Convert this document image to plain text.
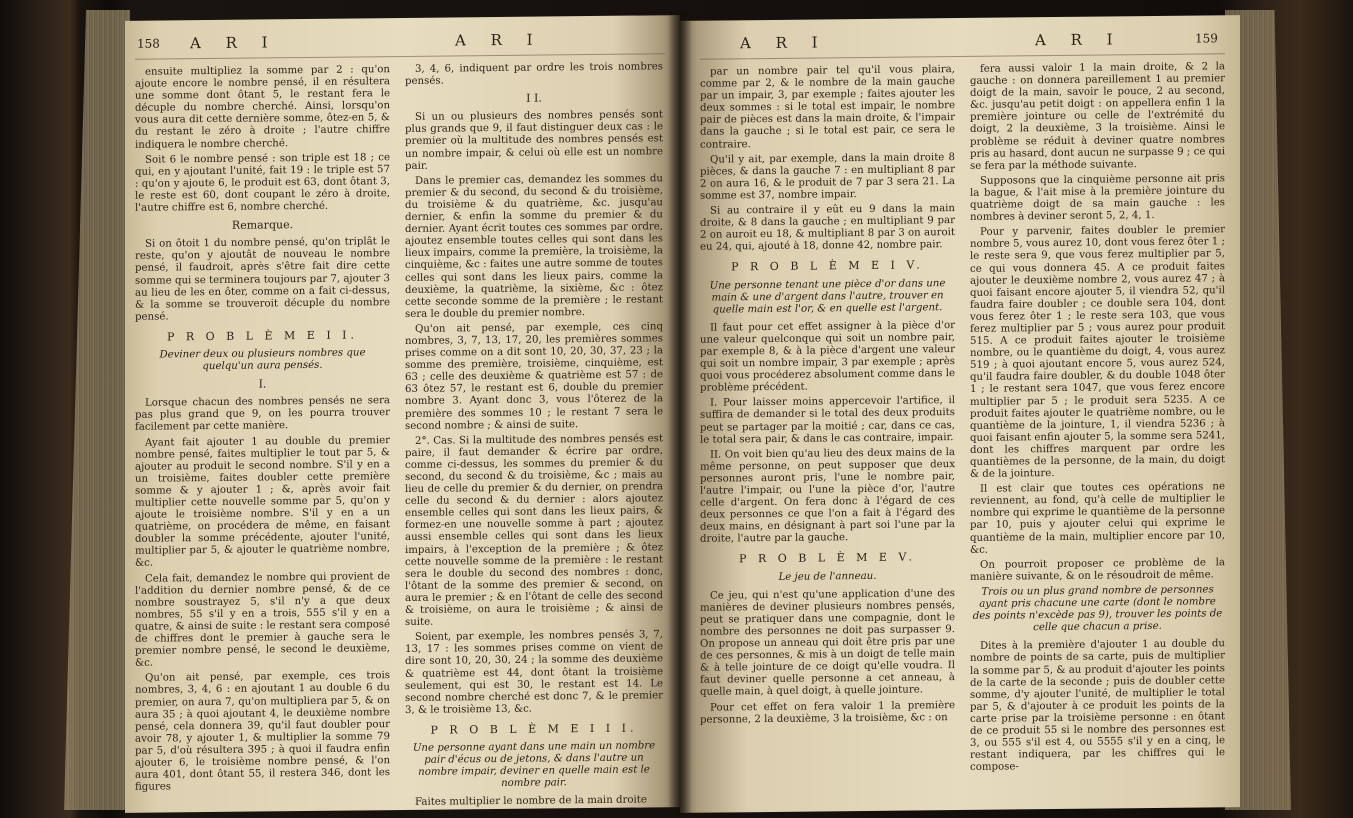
158 A R I	A R I

ensuite multipliez la somme par 2 : qu'on ajoute encore le nombre pensé, il en résultera une somme dont ôtant 5, le restant fera le décuple du nombre cherché. Ainsi, lorsqu'on vous aura dit cette dernière somme, ôtez-en 5, & du restant le zéro à droite ; l'autre chiffre indiquera le nombre cherché.

Soit 6 le nombre pensé : son triple est 18 ; ce qui, en y ajoutant l'unité, fait 19 : le triple est 57 : qu'on y ajoute 6, le produit est 63, dont ôtant 3, le reste est 60, dont coupant le zéro à droite, l'autre chiffre est 6, nombre cherché.

Remarque.

Si on ôtoit 1 du nombre pensé, qu'on triplât le reste, qu'on y ajoutât de nouveau le nombre pensé, il faudroit, après s'être fait dire cette somme qui se terminera toujours par 7, ajouter 3 au lieu de les en ôter, comme on a fait ci-dessus, & la somme se trouveroit décuple du nombre pensé.

P R O B L È M E I I.

Deviner deux ou plusieurs nombres que quelqu'un aura pensés.

I.

Lorsque chacun des nombres pensés ne sera pas plus grand que 9, on les pourra trouver facilement par cette manière.

Ayant fait ajouter 1 au double du premier nombre pensé, faites multiplier le tout par 5, & ajouter au produit le second nombre. S'il y en a un troisième, faites doubler cette première somme & y ajouter 1 ; &, après avoir fait multiplier cette nouvelle somme par 5, qu'on y ajoute le troisième nombre. S'il y en a un quatrième, on procédera de même, en faisant doubler la somme précédente, ajouter l'unité, multiplier par 5, & ajouter le quatrième nombre, &c.

Cela fait, demandez le nombre qui provient de l'addition du dernier nombre pensé, & de ce nombre soustrayez 5, s'il n'y a que deux nombres, 55 s'il y en a trois, 555 s'il y en a quatre, & ainsi de suite : le restant sera composé de chiffres dont le premier à gauche sera le premier nombre pensé, le second le deuxième, &c.

Qu'on ait pensé, par exemple, ces trois nombres, 3, 4, 6 : en ajoutant 1 au double 6 du premier, on aura 7, qu'on multipliera par 5, & on aura 35 ; à quoi ajoutant 4, le deuxième nombre pensé, cela donnera 39, qu'il faut doubler pour avoir 78, y ajouter 1, & multiplier la somme 79 par 5, d'où résultera 395 ; à quoi il faudra enfin ajouter 6, le troisième nombre pensé, & l'on aura 401, dont ôtant 55, il restera 346, dont les figures

3, 4, 6, indiquent par ordre les trois nombres pensés.

I I.

Si un ou plusieurs des nombres pensés sont plus grands que 9, il faut distinguer deux cas : le premier où la multitude des nombres pensés est un nombre impair, & celui où elle est un nombre pair.

Dans le premier cas, demandez les sommes du premier & du second, du second & du troisième, du troisième & du quatrième, &c. jusqu'au dernier, & enfin la somme du premier & du dernier. Ayant écrit toutes ces sommes par ordre, ajoutez ensemble toutes celles qui sont dans les lieux impairs, comme la première, la troisième, la cinquième, &c : faites une autre somme de toutes celles qui sont dans les lieux pairs, comme la deuxième, la quatrième, la sixième, &c : ôtez cette seconde somme de la première ; le restant sera le double du premier nombre.

Qu'on ait pensé, par exemple, ces cinq nombres, 3, 7, 13, 17, 20, les premières sommes prises comme on a dit sont 10, 20, 30, 37, 23 ; la somme des première, troisième, cinquième, est 63 ; celle des deuxième & quatrième est 57 : de 63 ôtez 57, le restant est 6, double du premier nombre 3. Ayant donc 3, vous l'ôterez de la première des sommes 10 ; le restant 7 sera le second nombre ; & ainsi de suite.

2°. Cas. Si la multitude des nombres pensés est paire, il faut demander & écrire par ordre, comme ci-dessus, les sommes du premier & du second, du second & du troisième, &c ; mais au lieu de celle du premier & du dernier, on prendra celle du second & du dernier : alors ajoutez ensemble celles qui sont dans les lieux pairs, & formez-en une nouvelle somme à part ; ajoutez aussi ensemble celles qui sont dans les lieux impairs, à l'exception de la première ; & ôtez cette nouvelle somme de la première : le restant sera le double du second des nombres : donc, l'ôtant de la somme des premier & second, on aura le premier ; & en l'ôtant de celle des second & troisième, on aura le troisième ; & ainsi de suite.

Soient, par exemple, les nombres pensés 3, 7, 13, 17 : les sommes prises comme on vient de dire sont 10, 20, 30, 24 ; la somme des deuxième & quatrième est 44, dont ôtant la troisième seulement, qui est 30, le restant est 14. Le second nombre cherché est donc 7, & le premier 3, & le troisième 13, &c.

P R O B L È M E I I I.

Une personne ayant dans une main un nombre pair d'écus ou de jetons, & dans l'autre un nombre impair, deviner en quelle main est le nombre pair.

Faites multiplier le nombre de la main droite

A R I	A R I	159

par un nombre pair tel qu'il vous plaira, comme par 2, & le nombre de la main gauche par un impair, 3, par exemple ; faites ajouter les deux sommes : si le total est impair, le nombre pair de pièces est dans la main droite, & l'impair dans la gauche ; si le total est pair, ce sera le contraire.

Qu'il y ait, par exemple, dans la main droite 8 pièces, & dans la gauche 7 : en multipliant 8 par 2 on aura 16, & le produit de 7 par 3 sera 21. La somme est 37, nombre impair.

Si au contraire il y eût eu 9 dans la main droite, & 8 dans la gauche ; en multipliant 9 par 2 on auroit eu 18, & multipliant 8 par 3 on auroit eu 24, qui, ajouté à 18, donne 42, nombre pair.

P R O B L È M E I V.

Une personne tenant une pièce d'or dans une main & une d'argent dans l'autre, trouver en quelle main est l'or, & en quelle est l'argent.

Il faut pour cet effet assigner à la pièce d'or une valeur quelconque qui soit un nombre pair, par exemple 8, & à la pièce d'argent une valeur qui soit un nombre impair, 3 par exemple ; après quoi vous procéderez absolument comme dans le problème précédent.

I. Pour laisser moins appercevoir l'artifice, il suffira de demander si le total des deux produits peut se partager par la moitié ; car, dans ce cas, le total sera pair, & dans le cas contraire, impair.

II. On voit bien qu'au lieu des deux mains de la même personne, on peut supposer que deux personnes auront pris, l'une le nombre pair, l'autre l'impair, ou l'une la pièce d'or, l'autre celle d'argent. On fera donc à l'égard de ces deux personnes ce que l'on a fait à l'égard des deux mains, en désignant à part soi l'une par la droite, l'autre par la gauche.

P R O B L È M E V.

Le jeu de l'anneau.

Ce jeu, qui n'est qu'une application d'une des manières de deviner plusieurs nombres pensés, peut se pratiquer dans une compagnie, dont le nombre des personnes ne doit pas surpasser 9. On propose un anneau qui doit être pris par une de ces personnes, & mis à un doigt de telle main & à telle jointure de ce doigt qu'elle voudra. Il faut deviner quelle personne a cet anneau, à quelle main, à quel doigt, à quelle jointure.

Pour cet effet on fera valoir 1 la première personne, 2 la deuxième, 3 la troisième, &c : on

fera aussi valoir 1 la main droite, & 2 la gauche : on donnera pareillement 1 au premier doigt de la main, savoir le pouce, 2 au second, &c. jusqu'au petit doigt : on appellera enfin 1 la première jointure ou celle de l'extrémité du doigt, 2 la deuxième, 3 la troisième. Ainsi le problème se réduit à deviner quatre nombres pris au hasard, dont aucun ne surpasse 9 ; ce qui se fera par la méthode suivante.

Supposons que la cinquième personne ait pris la bague, & l'ait mise à la première jointure du quatrième doigt de sa main gauche : les nombres à deviner seront 5, 2, 4, 1.

Pour y parvenir, faites doubler le premier nombre 5, vous aurez 10, dont vous ferez ôter 1 ; le reste sera 9, que vous ferez multiplier par 5, ce qui vous donnera 45. A ce produit faites ajouter le deuxième nombre 2, vous aurez 47 ; à quoi faisant encore ajouter 5, il viendra 52, qu'il faudra faire doubler ; ce double sera 104, dont vous ferez ôter 1 ; le reste sera 103, que vous ferez multiplier par 5 ; vous aurez pour produit 515. A ce produit faites ajouter le troisième nombre, ou le quantième du doigt, 4, vous aurez 519 ; à quoi ajoutant encore 5, vous aurez 524, qu'il faudra faire doubler, & du double 1048 ôter 1 ; le restant sera 1047, que vous ferez encore multiplier par 5 ; le produit sera 5235. A ce produit faites ajouter le quatrième nombre, ou le quantième de la jointure, 1, il viendra 5236 ; à quoi faisant enfin ajouter 5, la somme sera 5241, dont les chiffres marquent par ordre les quantièmes de la personne, de la main, du doigt & de la jointure.

Il est clair que toutes ces opérations ne reviennent, au fond, qu'à celle de multiplier le nombre qui exprime le quantième de la personne par 10, puis y ajouter celui qui exprime le quantième de la main, multiplier encore par 10, &c.

On pourroit proposer ce problème de la manière suivante, & on le résoudroit de même.

Trois ou un plus grand nombre de personnes ayant pris chacune une carte (dont le nombre des points n'excède pas 9), trouver les points de celle que chacun a prise.

Dites à la première d'ajouter 1 au double du nombre de points de sa carte, puis de multiplier la somme par 5, & au produit d'ajouter les points de la carte de la seconde ; puis de doubler cette somme, d'y ajouter l'unité, de multiplier le total par 5, & d'ajouter à ce produit les points de la carte prise par la troisième personne : en ôtant de ce produit 55 si le nombre des personnes est 3, ou 555 s'il est 4, ou 5555 s'il y en a cinq, le restant indiquera, par les chiffres qui le compose-
